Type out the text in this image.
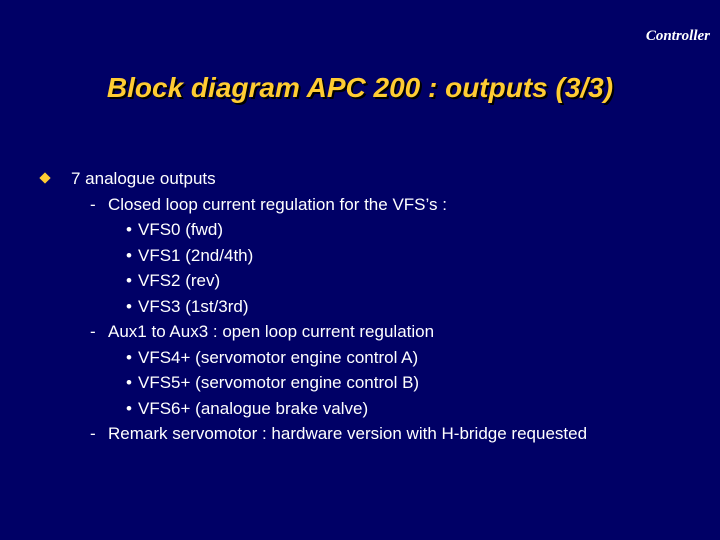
Controller
Block diagram APC 200 : outputs (3/3)
7 analogue outputs
- Closed loop current regulation for the VFS’s :
• VFS0 (fwd)
• VFS1 (2nd/4th)
• VFS2 (rev)
• VFS3 (1st/3rd)
- Aux1 to Aux3 : open loop current regulation
• VFS4+ (servomotor engine control A)
• VFS5+ (servomotor engine control B)
• VFS6+ (analogue brake valve)
- Remark servomotor : hardware version with H-bridge requested
